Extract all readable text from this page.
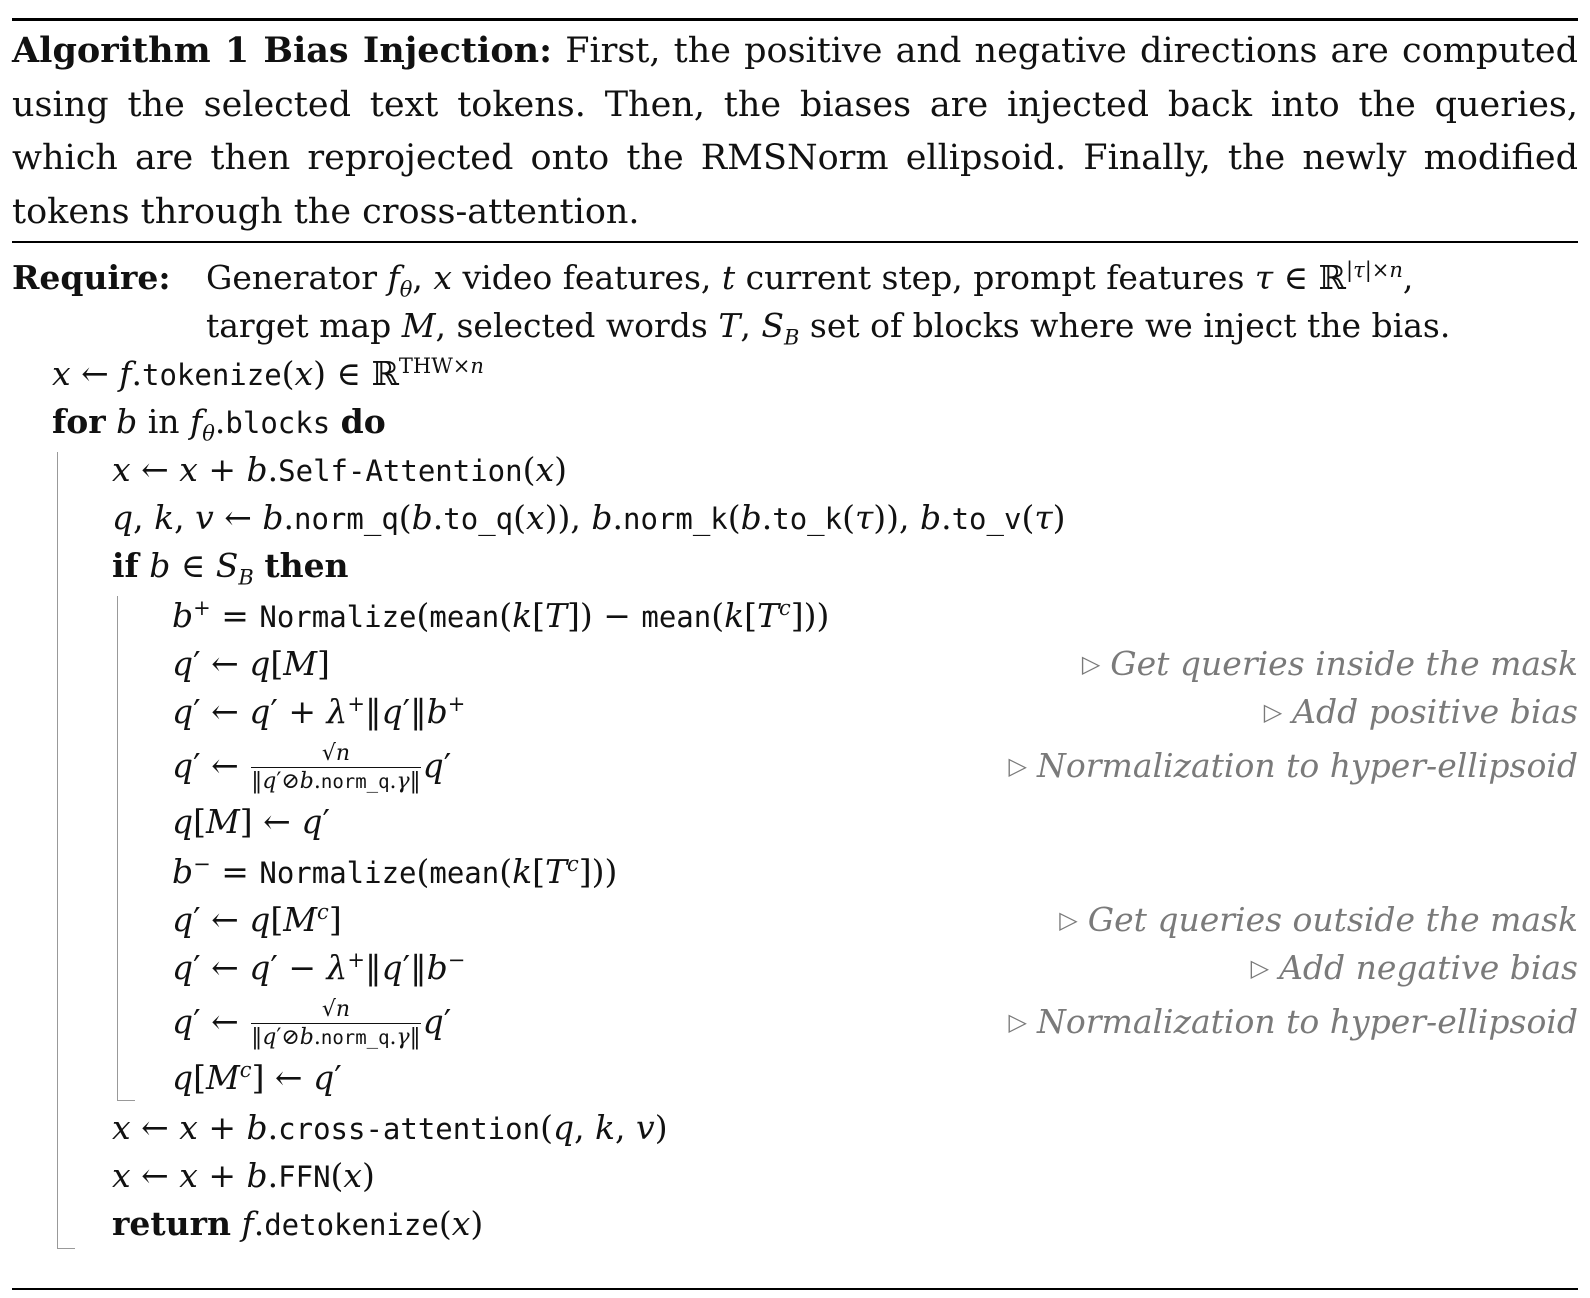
Algorithm 1 Bias Injection: First, the positive and negative directions are computed using the selected text tokens. Then, the biases are injected back into the queries, which are then reprojected onto the RMSNorm ellipsoid. Finally, the newly modified tokens through the cross-attention.
Require: Generator $f_\theta$, x video features, t current step, prompt features τ ∈ ℝ$^{|\tau|\times n}$,
target map M, selected words T, $S_B$ set of blocks where we inject the bias.
x ← f.tokenize(x) ∈ ℝ$^{THW\times n}$
for b in $f_\theta.blocks$ do
x ← x + b.Self-Attention(x)
q, k, v ← b.norm_q(b.to_q(x)), b.norm_k(b.to_k(τ)), b.to_v(τ)
if b ∈ $S_B$ then
b+ = Normalize(mean(k[T]) − $mean(k[T^c])$)
q′ ← q[M]	▷ Get queries inside the mask
q′ ← q′ + λ+‖q′‖b+	▷ Add positive bias
q′ ← $\frac{√n}{\text{‖q′⊘b.norm\_q.γ‖}} q'$	▷ Normalization to hyper-ellipsoid
q[M] ← q′
$b^- = Normalize(mean(k[T^c]))$
q′ ← $q[M^c]$	▷ Get queries outside the mask
q′ ← q′ − λ+‖q′‖b−	▷ Add negative bias
q′ ← $\frac{√n}{\text{‖q′⊘b.norm\_q.γ‖}} q'$	▷ Normalization to hyper-ellipsoid
$q[M^c]$ ← q′
x ← x + b.cross-attention(q, k, v)
x ← x + b.FFN(x)
return f.detokenize(x)
